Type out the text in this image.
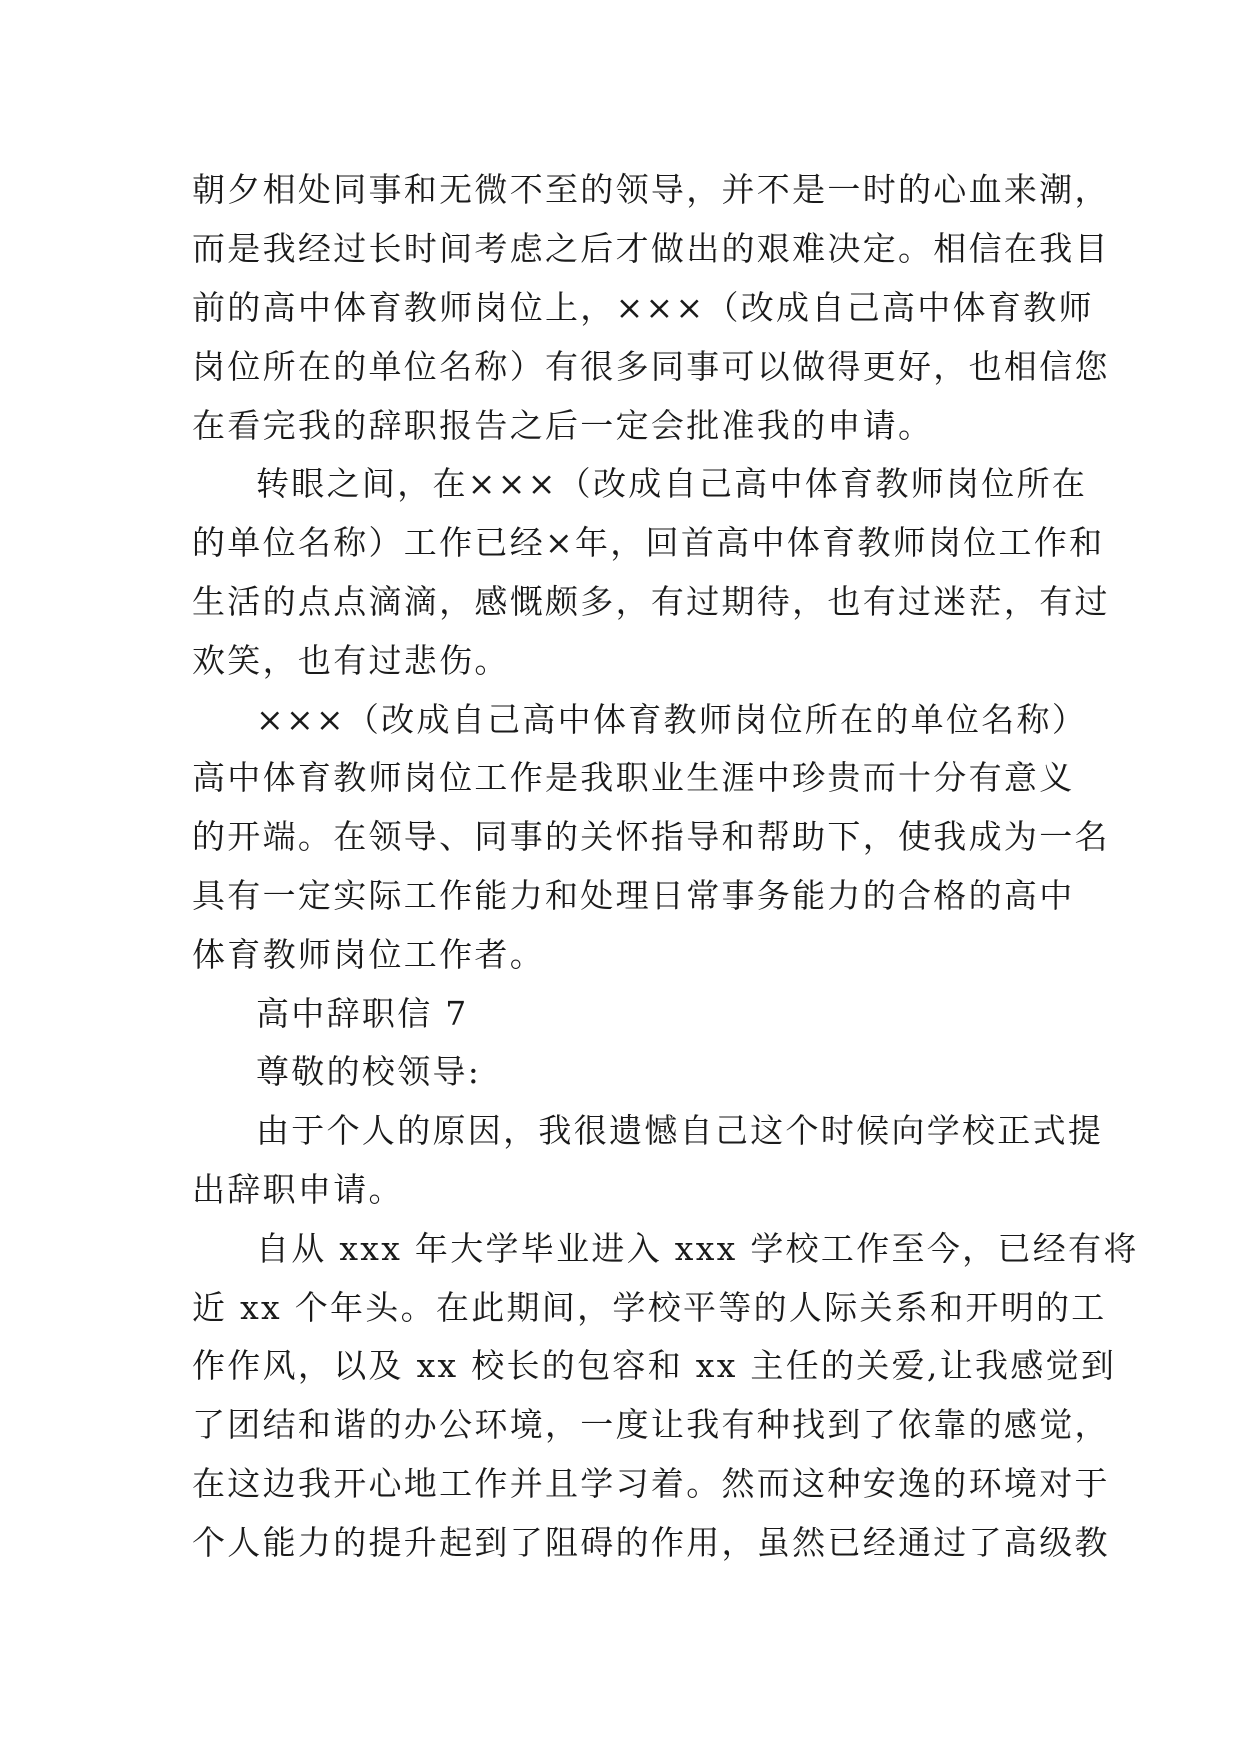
朝夕相处同事和无微不至的领导，并不是一时的心血来潮，

而是我经过长时间考虑之后才做出的艰难决定。相信在我目

前的高中体育教师岗位上，×××（改成自己高中体育教师

岗位所在的单位名称）有很多同事可以做得更好，也相信您

在看完我的辞职报告之后一定会批准我的申请。

转眼之间，在×××（改成自己高中体育教师岗位所在

的单位名称）工作已经×年，回首高中体育教师岗位工作和

生活的点点滴滴，感慨颇多，有过期待，也有过迷茫，有过

欢笑，也有过悲伤。

×××（改成自己高中体育教师岗位所在的单位名称）

高中体育教师岗位工作是我职业生涯中珍贵而十分有意义

的开端。在领导、同事的关怀指导和帮助下，使我成为一名

具有一定实际工作能力和处理日常事务能力的合格的高中

体育教师岗位工作者。

高中辞职信 7

尊敬的校领导:

由于个人的原因，我很遗憾自己这个时候向学校正式提

出辞职申请。

自从 xxx 年大学毕业进入 xxx 学校工作至今，已经有将

近 xx 个年头。在此期间，学校平等的人际关系和开明的工

作作风，以及 xx 校长的包容和 xx 主任的关爱,让我感觉到

了团结和谐的办公环境，一度让我有种找到了依靠的感觉，

在这边我开心地工作并且学习着。然而这种安逸的环境对于

个人能力的提升起到了阻碍的作用，虽然已经通过了高级教
